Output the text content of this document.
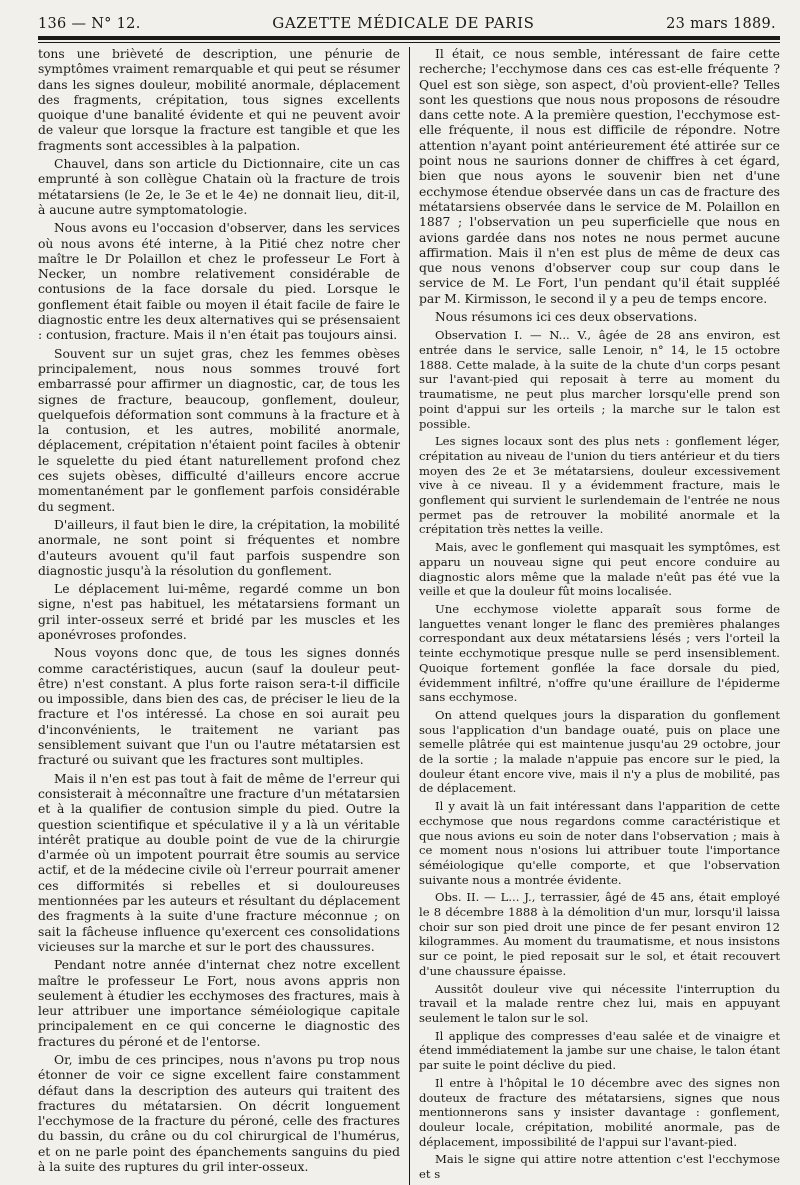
136 — N° 12.	GAZETTE MÉDICALE DE PARIS	23 mars 1889.

tons une brièveté de description, une pénurie de symptômes vraiment remarquable et qui peut se résumer dans les signes douleur, mobilité anormale, déplacement des fragments, crépitation, tous signes excellents quoique d'une banalité évidente et qui ne peuvent avoir de valeur que lorsque la fracture est tangible et que les fragments sont accessibles à la palpation.

Chauvel, dans son article du Dictionnaire, cite un cas emprunté à son collègue Chatain où la fracture de trois métatarsiens (le 2e, le 3e et le 4e) ne donnait lieu, dit-il, à aucune autre symptomatologie.

Nous avons eu l'occasion d'observer, dans les services où nous avons été interne, à la Pitié chez notre cher maître le Dr Polaillon et chez le professeur Le Fort à Necker, un nombre relativement considérable de contusions de la face dorsale du pied. Lorsque le gonflement était faible ou moyen il était facile de faire le diagnostic entre les deux alternatives qui se présensaient : contusion, fracture. Mais il n'en était pas toujours ainsi.

Souvent sur un sujet gras, chez les femmes obèses principalement, nous nous sommes trouvé fort embarrassé pour affirmer un diagnostic, car, de tous les signes de fracture, beaucoup, gonflement, douleur, quelquefois déformation sont communs à la fracture et à la contusion, et les autres, mobilité anormale, déplacement, crépitation n'étaient point faciles à obtenir le squelette du pied étant naturellement profond chez ces sujets obèses, difficulté d'ailleurs encore accrue momentanément par le gonflement parfois considérable du segment.

D'ailleurs, il faut bien le dire, la crépitation, la mobilité anormale, ne sont point si fréquentes et nombre d'auteurs avouent qu'il faut parfois suspendre son diagnostic jusqu'à la résolution du gonflement.

Le déplacement lui-même, regardé comme un bon signe, n'est pas habituel, les métatarsiens formant un gril inter-osseux serré et bridé par les muscles et les aponévroses profondes.

Nous voyons donc que, de tous les signes donnés comme caractéristiques, aucun (sauf la douleur peut-être) n'est constant. A plus forte raison sera-t-il difficile ou impossible, dans bien des cas, de préciser le lieu de la fracture et l'os intéressé. La chose en soi aurait peu d'inconvénients, le traitement ne variant pas sensiblement suivant que l'un ou l'autre métatarsien est fracturé ou suivant que les fractures sont multiples.

Mais il n'en est pas tout à fait de même de l'erreur qui consisterait à méconnaître une fracture d'un métatarsien et à la qualifier de contusion simple du pied. Outre la question scientifique et spéculative il y a là un véritable intérêt pratique au double point de vue de la chirurgie d'armée où un impotent pourrait être soumis au service actif, et de la médecine civile où l'erreur pourrait amener ces difformités si rebelles et si douloureuses mentionnées par les auteurs et résultant du déplacement des fragments à la suite d'une fracture méconnue ; on sait la fâcheuse influence qu'exercent ces consolidations vicieuses sur la marche et sur le port des chaussures.

Pendant notre année d'internat chez notre excellent maître le professeur Le Fort, nous avons appris non seulement à étudier les ecchymoses des fractures, mais à leur attribuer une importance séméiologique capitale principalement en ce qui concerne le diagnostic des fractures du péroné et de l'entorse.

Or, imbu de ces principes, nous n'avons pu trop nous étonner de voir ce signe excellent faire constamment défaut dans la description des auteurs qui traitent des fractures du métatarsien. On décrit longuement l'ecchymose de la fracture du péroné, celle des fractures du bassin, du crâne ou du col chirurgical de l'humérus, et on ne parle point des épanchements sanguins du pied à la suite des ruptures du gril inter-osseux.

Il était, ce nous semble, intéressant de faire cette recherche; l'ecchymose dans ces cas est-elle fréquente ? Quel est son siège, son aspect, d'où provient-elle? Telles sont les questions que nous nous proposons de résoudre dans cette note. A la première question, l'ecchymose est-elle fréquente, il nous est difficile de répondre. Notre attention n'ayant point antérieurement été attirée sur ce point nous ne saurions donner de chiffres à cet égard, bien que nous ayons le souvenir bien net d'une ecchymose étendue observée dans un cas de fracture des métatarsiens observée dans le service de M. Polaillon en 1887 ; l'observation un peu superficielle que nous en avions gardée dans nos notes ne nous permet aucune affirmation. Mais il n'en est plus de même de deux cas que nous venons d'observer coup sur coup dans le service de M. Le Fort, l'un pendant qu'il était suppléé par M. Kirmisson, le second il y a peu de temps encore.

Nous résumons ici ces deux observations.

Observation I. — N... V., âgée de 28 ans environ, est entrée dans le service, salle Lenoir, n° 14, le 15 octobre 1888. Cette malade, à la suite de la chute d'un corps pesant sur l'avant-pied qui reposait à terre au moment du traumatisme, ne peut plus marcher lorsqu'elle prend son point d'appui sur les orteils ; la marche sur le talon est possible.

Les signes locaux sont des plus nets : gonflement léger, crépitation au niveau de l'union du tiers antérieur et du tiers moyen des 2e et 3e métatarsiens, douleur excessivement vive à ce niveau. Il y a évidemment fracture, mais le gonflement qui survient le surlendemain de l'entrée ne nous permet pas de retrouver la mobilité anormale et la crépitation très nettes la veille.

Mais, avec le gonflement qui masquait les symptômes, est apparu un nouveau signe qui peut encore conduire au diagnostic alors même que la malade n'eût pas été vue la veille et que la douleur fût moins localisée.

Une ecchymose violette apparaît sous forme de languettes venant longer le flanc des premières phalanges correspondant aux deux métatarsiens lésés ; vers l'orteil la teinte ecchymotique presque nulle se perd insensiblement. Quoique fortement gonflée la face dorsale du pied, évidemment infiltré, n'offre qu'une éraillure de l'épiderme sans ecchymose.

On attend quelques jours la disparation du gonflement sous l'application d'un bandage ouaté, puis on place une semelle plâtrée qui est maintenue jusqu'au 29 octobre, jour de la sortie ; la malade n'appuie pas encore sur le pied, la douleur étant encore vive, mais il n'y a plus de mobilité, pas de déplacement.

Il y avait là un fait intéressant dans l'apparition de cette ecchymose que nous regardons comme caractéristique et que nous avions eu soin de noter dans l'observation ; mais à ce moment nous n'osions lui attribuer toute l'importance séméiologique qu'elle comporte, et que l'observation suivante nous a montrée évidente.

Obs. II. — L... J., terrassier, âgé de 45 ans, était employé le 8 décembre 1888 à la démolition d'un mur, lorsqu'il laissa choir sur son pied droit une pince de fer pesant environ 12 kilogrammes. Au moment du traumatisme, et nous insistons sur ce point, le pied reposait sur le sol, et était recouvert d'une chaussure épaisse.

Aussitôt douleur vive qui nécessite l'interruption du travail et la malade rentre chez lui, mais en appuyant seulement le talon sur le sol.

Il applique des compresses d'eau salée et de vinaigre et étend immédiatement la jambe sur une chaise, le talon étant par suite le point déclive du pied.

Il entre à l'hôpital le 10 décembre avec des signes non douteux de fracture des métatarsiens, signes que nous mentionnerons sans y insister davantage : gonflement, douleur locale, crépitation, mobilité anormale, pas de déplacement, impossibilité de l'appui sur l'avant-pied.

Mais le signe qui attire notre attention c'est l'ecchymose et s
